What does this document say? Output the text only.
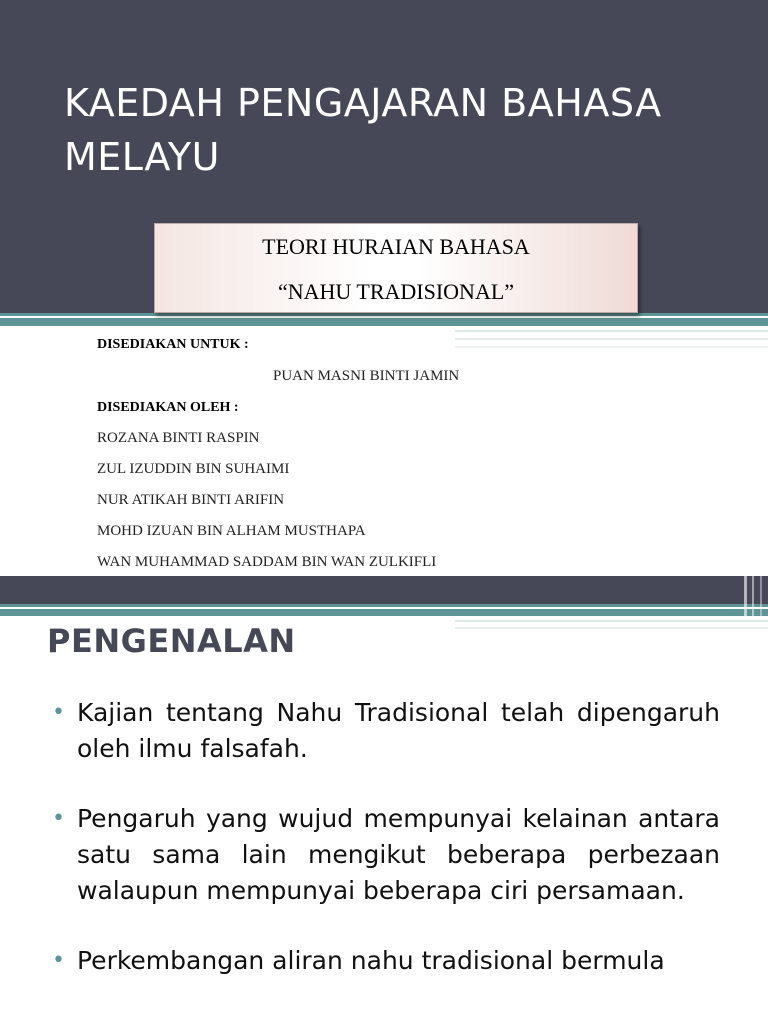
KAEDAH PENGAJARAN BAHASA MELAYU
TEORI HURAIAN BAHASA
“NAHU TRADISIONAL”
DISEDIAKAN UNTUK :
PUAN MASNI BINTI JAMIN
DISEDIAKAN OLEH :
ROZANA BINTI RASPIN
ZUL IZUDDIN BIN SUHAIMI
NUR ATIKAH BINTI ARIFIN
MOHD IZUAN BIN ALHAM MUSTHAPA
WAN MUHAMMAD SADDAM BIN WAN ZULKIFLI
PENGENALAN
• Kajian tentang Nahu Tradisional telah dipengaruh oleh ilmu falsafah.
• Pengaruh yang wujud mempunyai kelainan antara satu sama lain mengikut beberapa perbezaan walaupun mempunyai beberapa ciri persamaan.
• Perkembangan aliran nahu tradisional bermula
